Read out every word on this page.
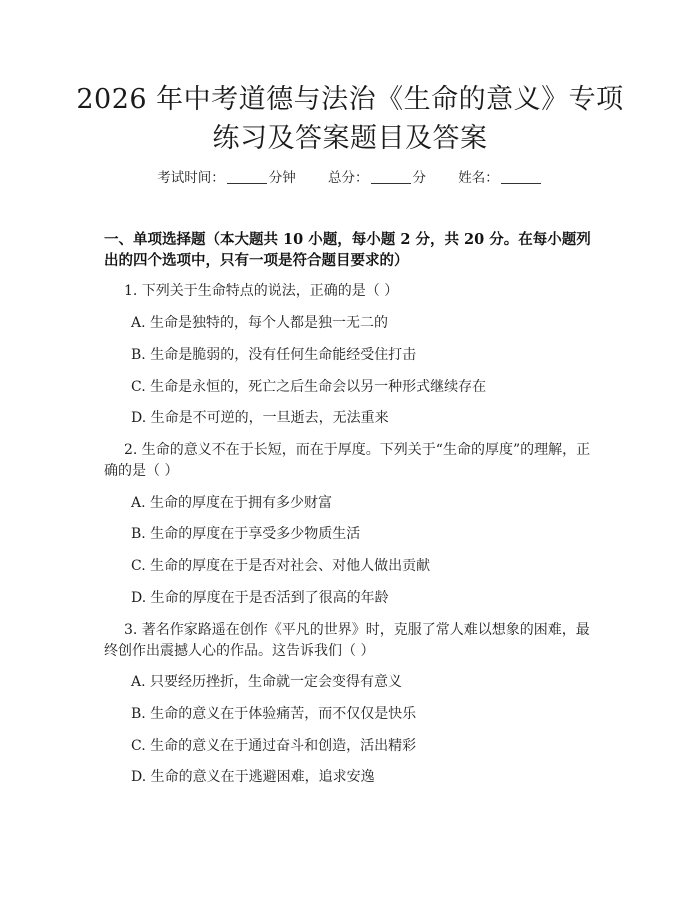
2026 年中考道德与法治《生命的意义》专项
练习及答案题目及答案
考试时间：	分钟 总分：	分 姓名：
一、单项选择题（本大题共 10 小题，每小题 2 分，共 20 分。在每小题列出的四个选项中，只有一项是符合题目要求的）
1. 下列关于生命特点的说法，正确的是（ ）
A. 生命是独特的，每个人都是独一无二的
B. 生命是脆弱的，没有任何生命能经受住打击
C. 生命是永恒的，死亡之后生命会以另一种形式继续存在
D. 生命是不可逆的，一旦逝去，无法重来
2. 生命的意义不在于长短，而在于厚度。下列关于“生命的厚度”的理解，正确的是（ ）
A. 生命的厚度在于拥有多少财富
B. 生命的厚度在于享受多少物质生活
C. 生命的厚度在于是否对社会、对他人做出贡献
D. 生命的厚度在于是否活到了很高的年龄
3. 著名作家路遥在创作《平凡的世界》时，克服了常人难以想象的困难，最终创作出震撼人心的作品。这告诉我们（ ）
A. 只要经历挫折，生命就一定会变得有意义
B. 生命的意义在于体验痛苦，而不仅仅是快乐
C. 生命的意义在于通过奋斗和创造，活出精彩
D. 生命的意义在于逃避困难，追求安逸
